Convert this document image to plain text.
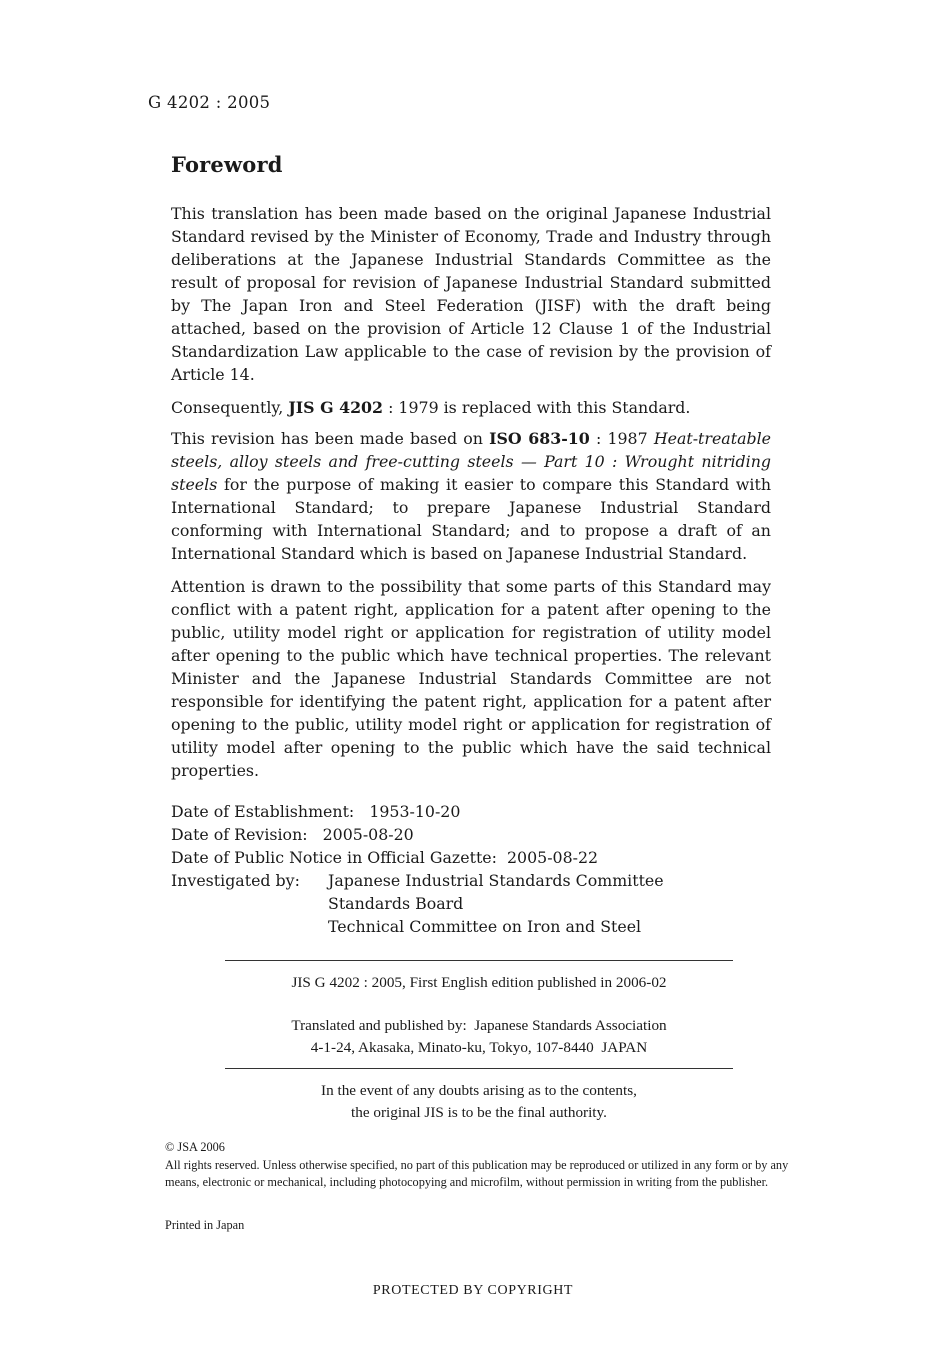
G 4202 : 2005
Foreword
This translation has been made based on the original Japanese Industrial Standard revised by the Minister of Economy, Trade and Industry through deliberations at the Japanese Industrial Standards Committee as the result of proposal for revision of Japanese Industrial Standard submitted by The Japan Iron and Steel Federation (JISF) with the draft being attached, based on the provision of Article 12 Clause 1 of the Industrial Standardization Law applicable to the case of revision by the provision of Article 14.
Consequently, JIS G 4202 : 1979 is replaced with this Standard.
This revision has been made based on ISO 683-10 : 1987 Heat-treatable steels, alloy steels and free-cutting steels — Part 10 : Wrought nitriding steels for the purpose of making it easier to compare this Standard with International Standard; to prepare Japanese Industrial Standard conforming with International Standard; and to propose a draft of an International Standard which is based on Japanese Industrial Standard.
Attention is drawn to the possibility that some parts of this Standard may conflict with a patent right, application for a patent after opening to the public, utility model right or application for registration of utility model after opening to the public which have technical properties. The relevant Minister and the Japanese Industrial Standards Committee are not responsible for identifying the patent right, application for a patent after opening to the public, utility model right or application for registration of utility model after opening to the public which have the said technical properties.
Date of Establishment:   1953-10-20
Date of Revision:   2005-08-20
Date of Public Notice in Official Gazette:  2005-08-22
Investigated by:	Japanese Industrial Standards Committee
Standards Board
Technical Committee on Iron and Steel
JIS G 4202 : 2005, First English edition published in 2006-02
Translated and published by:  Japanese Standards Association
4-1-24, Akasaka, Minato-ku, Tokyo, 107-8440  JAPAN
In the event of any doubts arising as to the contents,
the original JIS is to be the final authority.
© JSA 2006
All rights reserved. Unless otherwise specified, no part of this publication may be reproduced or utilized in any form or by any means, electronic or mechanical, including photocopying and microfilm, without permission in writing from the publisher.
Printed in Japan
PROTECTED BY COPYRIGHT
